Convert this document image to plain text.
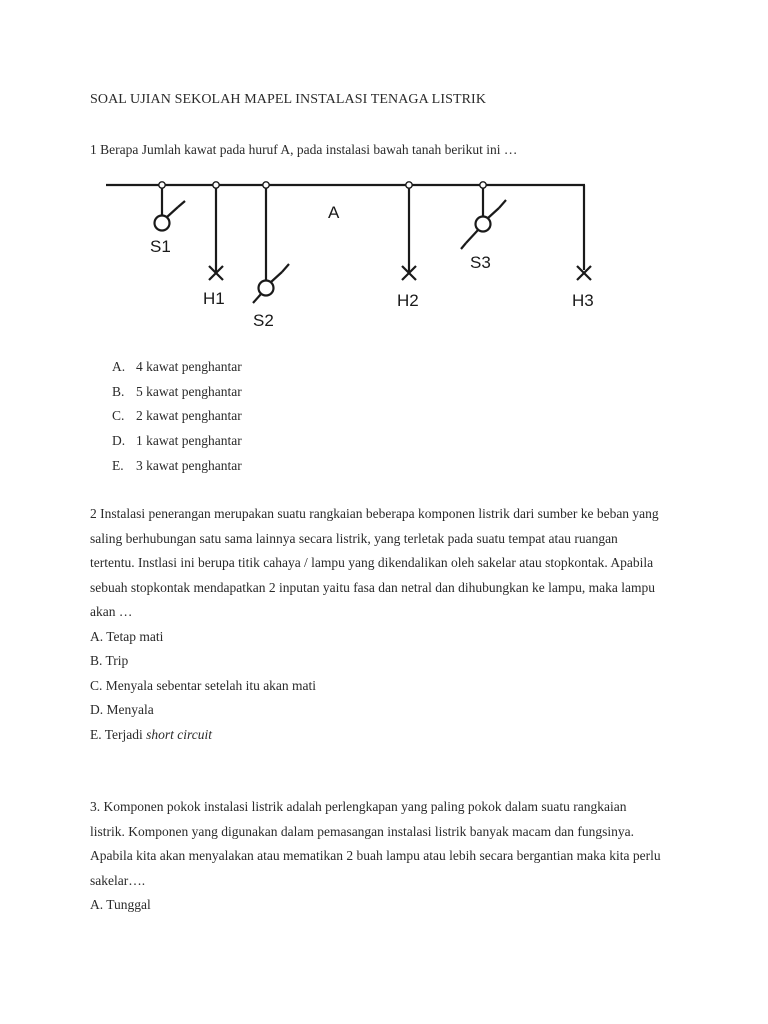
SOAL UJIAN SEKOLAH MAPEL INSTALASI TENAGA LISTRIK
1 Berapa Jumlah kawat pada huruf A, pada instalasi bawah tanah berikut ini …
A
S1
H1
S2
H2
S3
H3
A. 4 kawat penghantar
B. 5 kawat penghantar
C. 2 kawat penghantar
D. 1 kawat penghantar
E. 3 kawat penghantar
2 Instalasi penerangan merupakan suatu rangkaian beberapa komponen listrik dari sumber ke beban yang
saling berhubungan satu sama lainnya secara listrik, yang terletak pada suatu tempat atau ruangan
tertentu. Instlasi ini berupa titik cahaya / lampu yang dikendalikan oleh sakelar atau stopkontak. Apabila
sebuah stopkontak mendapatkan 2 inputan yaitu fasa dan netral dan dihubungkan ke lampu, maka lampu
akan …
A. Tetap mati
B. Trip
C. Menyala sebentar setelah itu akan mati
D. Menyala
E. Terjadi short circuit
3. Komponen pokok instalasi listrik adalah perlengkapan yang paling pokok dalam suatu rangkaian
listrik. Komponen yang digunakan dalam pemasangan instalasi listrik banyak macam dan fungsinya.
Apabila kita akan menyalakan atau mematikan 2 buah lampu atau lebih secara bergantian maka kita perlu
sakelar….
A. Tunggal
